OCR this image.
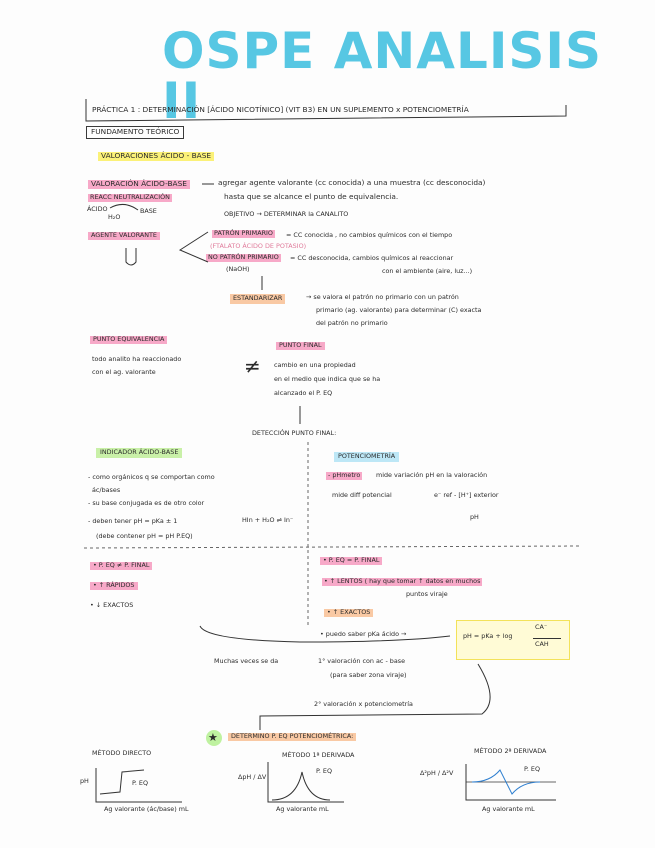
OSPE ANALISIS II
PRÁCTICA 1 : DETERMINACIÓN [ÁCIDO NICOTÍNICO] (VIT B3) EN UN SUPLEMENTO x POTENCIOMETRÍA
FUNDAMENTO TEÓRICO
VALORACIONES ÁCIDO - BASE
VALORACIÓN ÁCIDO-BASE	agregar agente valorante (cc conocida) a una muestra (cc desconocida)
hasta que se alcance el punto de equivalencia.
OBJETIVO → DETERMINAR la CANALITO
REACC NEUTRALIZACIÓN
ÁCIDO	BASE
H₂O
AGENTE VALORANTE	PATRÓN PRIMARIO	= CC conocida , no cambios químicos con el tiempo
(FTALATO ÁCIDO DE POTASIO)
NO PATRÓN PRIMARIO	= CC desconocida, cambios químicos al reaccionar
con el ambiente (aire, luz...)
(NaOH)
ESTANDARIZAR	→ se valora el patrón no primario con un patrón
primario (ag. valorante) para determinar (C) exacta
del patrón no primario
PUNTO EQUIVALENCIA
todo analito ha reaccionado
con el ag. valorante	≠
PUNTO FINAL
cambio en una propiedad
en el medio que indica que se ha
alcanzado el P. EQ
DETECCIÓN PUNTO FINAL:
INDICADOR ÁCIDO-BASE
- como orgánicos q se comportan como
ác/bases
- su base conjugada es de otro color
- deben tener pH = pKa ± 1
(debe contener pH = pH P.EQ)
HIn + H₂O ⇌ In⁻
POTENCIOMETRÍA
- pHmetro	mide variación pH en la valoración
mide diff potencial	e⁻ ref - [H⁺] exterior
pH
• P. EQ ≠ P. FINAL
• ↑ RÁPIDOS
• ↓ EXACTOS
• P. EQ = P. FINAL
• ↑ LENTOS ( hay que tomar ↑ datos en muchos
puntos viraje
• ↑ EXACTOS
• puedo saber pKa ácido →	pH = pKa + log
CA⁻
CAH
Muchas veces se da	1° valoración con ac - base
(para saber zona viraje)
2° valoración x potenciometría
★	DETERMINO P. EQ POTENCIOMÉTRICA:
MÉTODO DIRECTO	MÉTODO 1ª DERIVADA	MÉTODO 2ª DERIVADA
pH	ΔpH / ΔV	Δ²pH / Δ²V
P. EQ
P. EQ	P. EQ
Ag valorante (ác/base) mL	Ag valorante mL	Ag valorante mL
